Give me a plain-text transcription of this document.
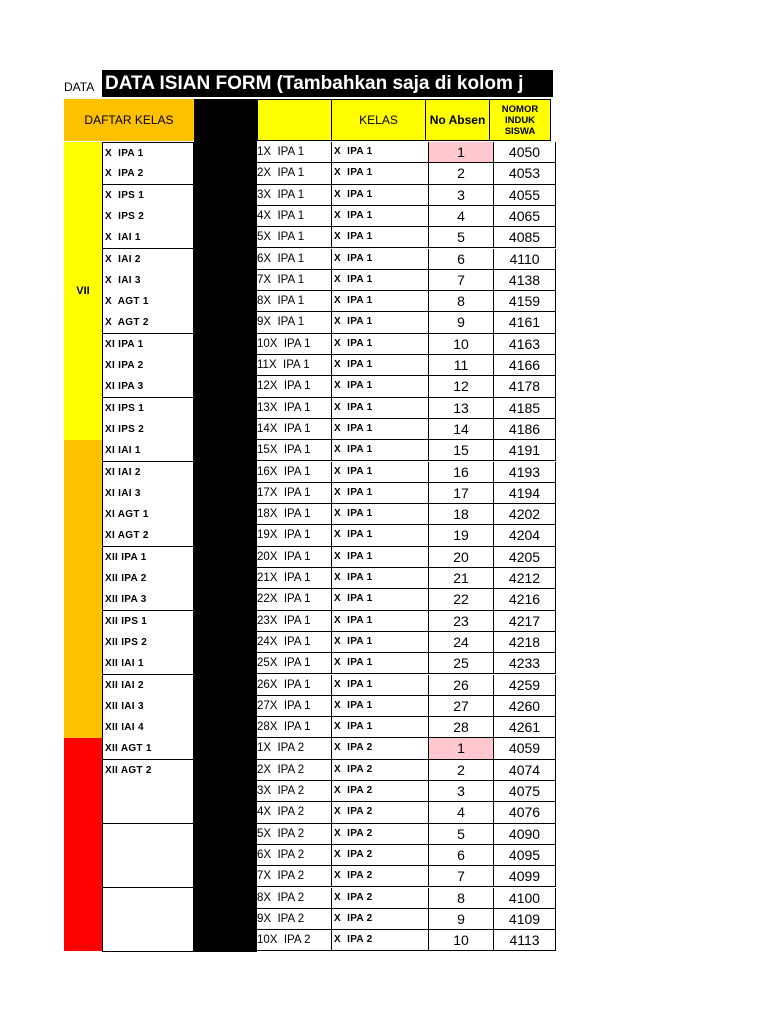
DATA DATA ISIAN FORM (Tambahkan saja di kolom j
DAFTAR KELAS	KELAS	No Absen
NOMOR INDUK SISWA
VII
X  IPA 1
X  IPA 2
X  IPS 1
X  IPS 2
X  IAI 1
X  IAI 2
X  IAI 3
X  AGT 1
X  AGT 2
XI IPA 1
XI IPA 2
XI IPA 3
XI IPS 1
XI IPS 2
XI IAI 1
XI IAI 2
XI IAI 3
XI AGT 1
XI AGT 2
XII IPA 1
XII IPA 2
XII IPA 3
XII IPS 1
XII IPS 2
XII IAI 1
XII IAI 2
XII IAI 3
XII IAI 4
XII AGT 1
XII AGT 2
1X  IPA 1	X  IPA 1	1	4050
2X  IPA 1	X  IPA 1	2	4053
3X  IPA 1	X  IPA 1	3	4055
4X  IPA 1	X  IPA 1	4	4065
5X  IPA 1	X  IPA 1	5	4085
6X  IPA 1	X  IPA 1	6	4110
7X  IPA 1	X  IPA 1	7	4138
8X  IPA 1	X  IPA 1	8	4159
9X  IPA 1	X  IPA 1	9	4161
10X  IPA 1	X  IPA 1	10	4163
11X  IPA 1	X  IPA 1	11	4166
12X  IPA 1	X  IPA 1	12	4178
13X  IPA 1	X  IPA 1	13	4185
14X  IPA 1	X  IPA 1	14	4186
15X  IPA 1	X  IPA 1	15	4191
16X  IPA 1	X  IPA 1	16	4193
17X  IPA 1	X  IPA 1	17	4194
18X  IPA 1	X  IPA 1	18	4202
19X  IPA 1	X  IPA 1	19	4204
20X  IPA 1	X  IPA 1	20	4205
21X  IPA 1	X  IPA 1	21	4212
22X  IPA 1	X  IPA 1	22	4216
23X  IPA 1	X  IPA 1	23	4217
24X  IPA 1	X  IPA 1	24	4218
25X  IPA 1	X  IPA 1	25	4233
26X  IPA 1	X  IPA 1	26	4259
27X  IPA 1	X  IPA 1	27	4260
28X  IPA 1	X  IPA 1	28	4261
1X  IPA 2	X  IPA 2	1	4059
2X  IPA 2	X  IPA 2	2	4074
3X  IPA 2	X  IPA 2	3	4075
4X  IPA 2	X  IPA 2	4	4076
5X  IPA 2	X  IPA 2	5	4090
6X  IPA 2	X  IPA 2	6	4095
7X  IPA 2	X  IPA 2	7	4099
8X  IPA 2	X  IPA 2	8	4100
9X  IPA 2	X  IPA 2	9	4109
10X  IPA 2	X  IPA 2	10	4113
